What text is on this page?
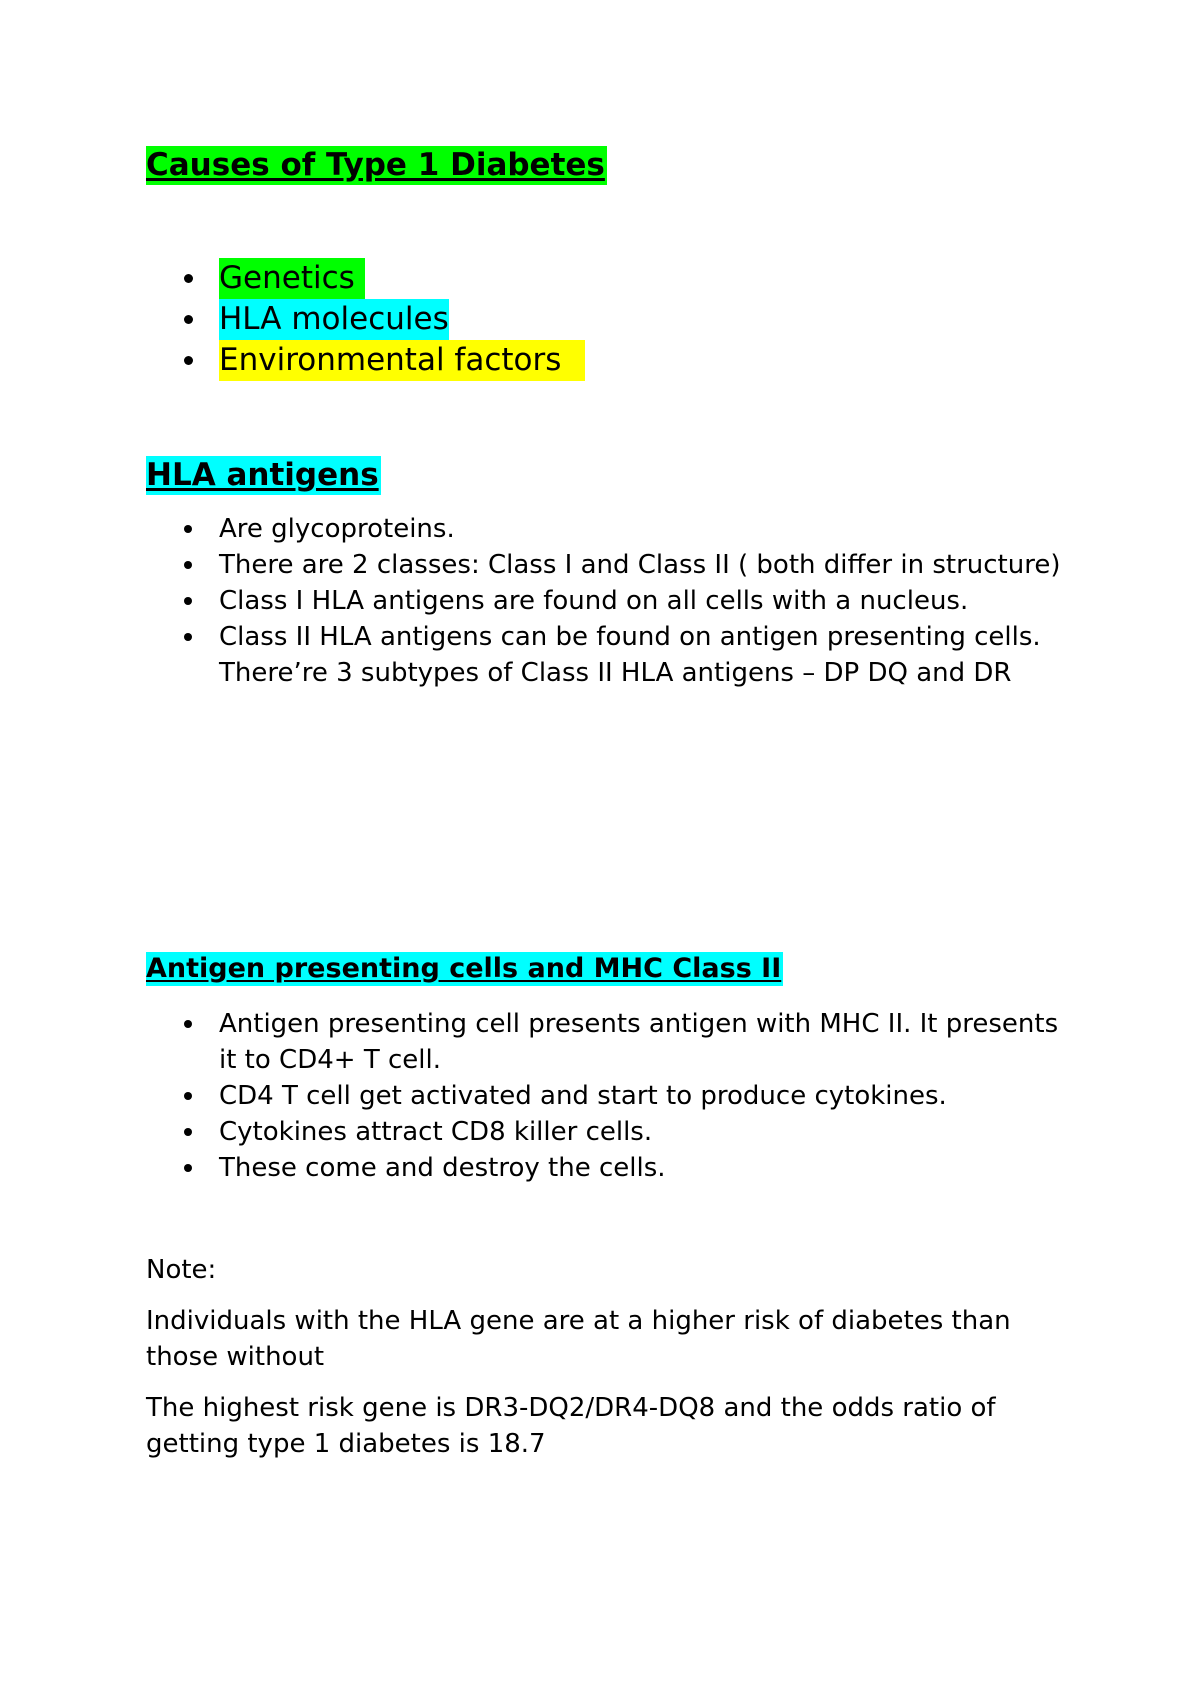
Causes of Type 1 Diabetes
Genetics
HLA molecules
Environmental factors
HLA antigens
Are glycoproteins.
There are 2 classes: Class I and Class II ( both differ in structure)
Class I HLA antigens are found on all cells with a nucleus.
Class II HLA antigens can be found on antigen presenting cells.
There’re 3 subtypes of Class II HLA antigens – DP DQ and DR
Antigen presenting cells and MHC Class II
Antigen presenting cell presents antigen with MHC II. It presents it to CD4+ T cell.
CD4 T cell get activated and start to produce cytokines.
Cytokines attract CD8 killer cells.
These come and destroy the cells.

Note:

Individuals with the HLA gene are at a higher risk of diabetes than those without

The highest risk gene is DR3-DQ2/DR4-DQ8 and the odds ratio of getting type 1 diabetes is 18.7
